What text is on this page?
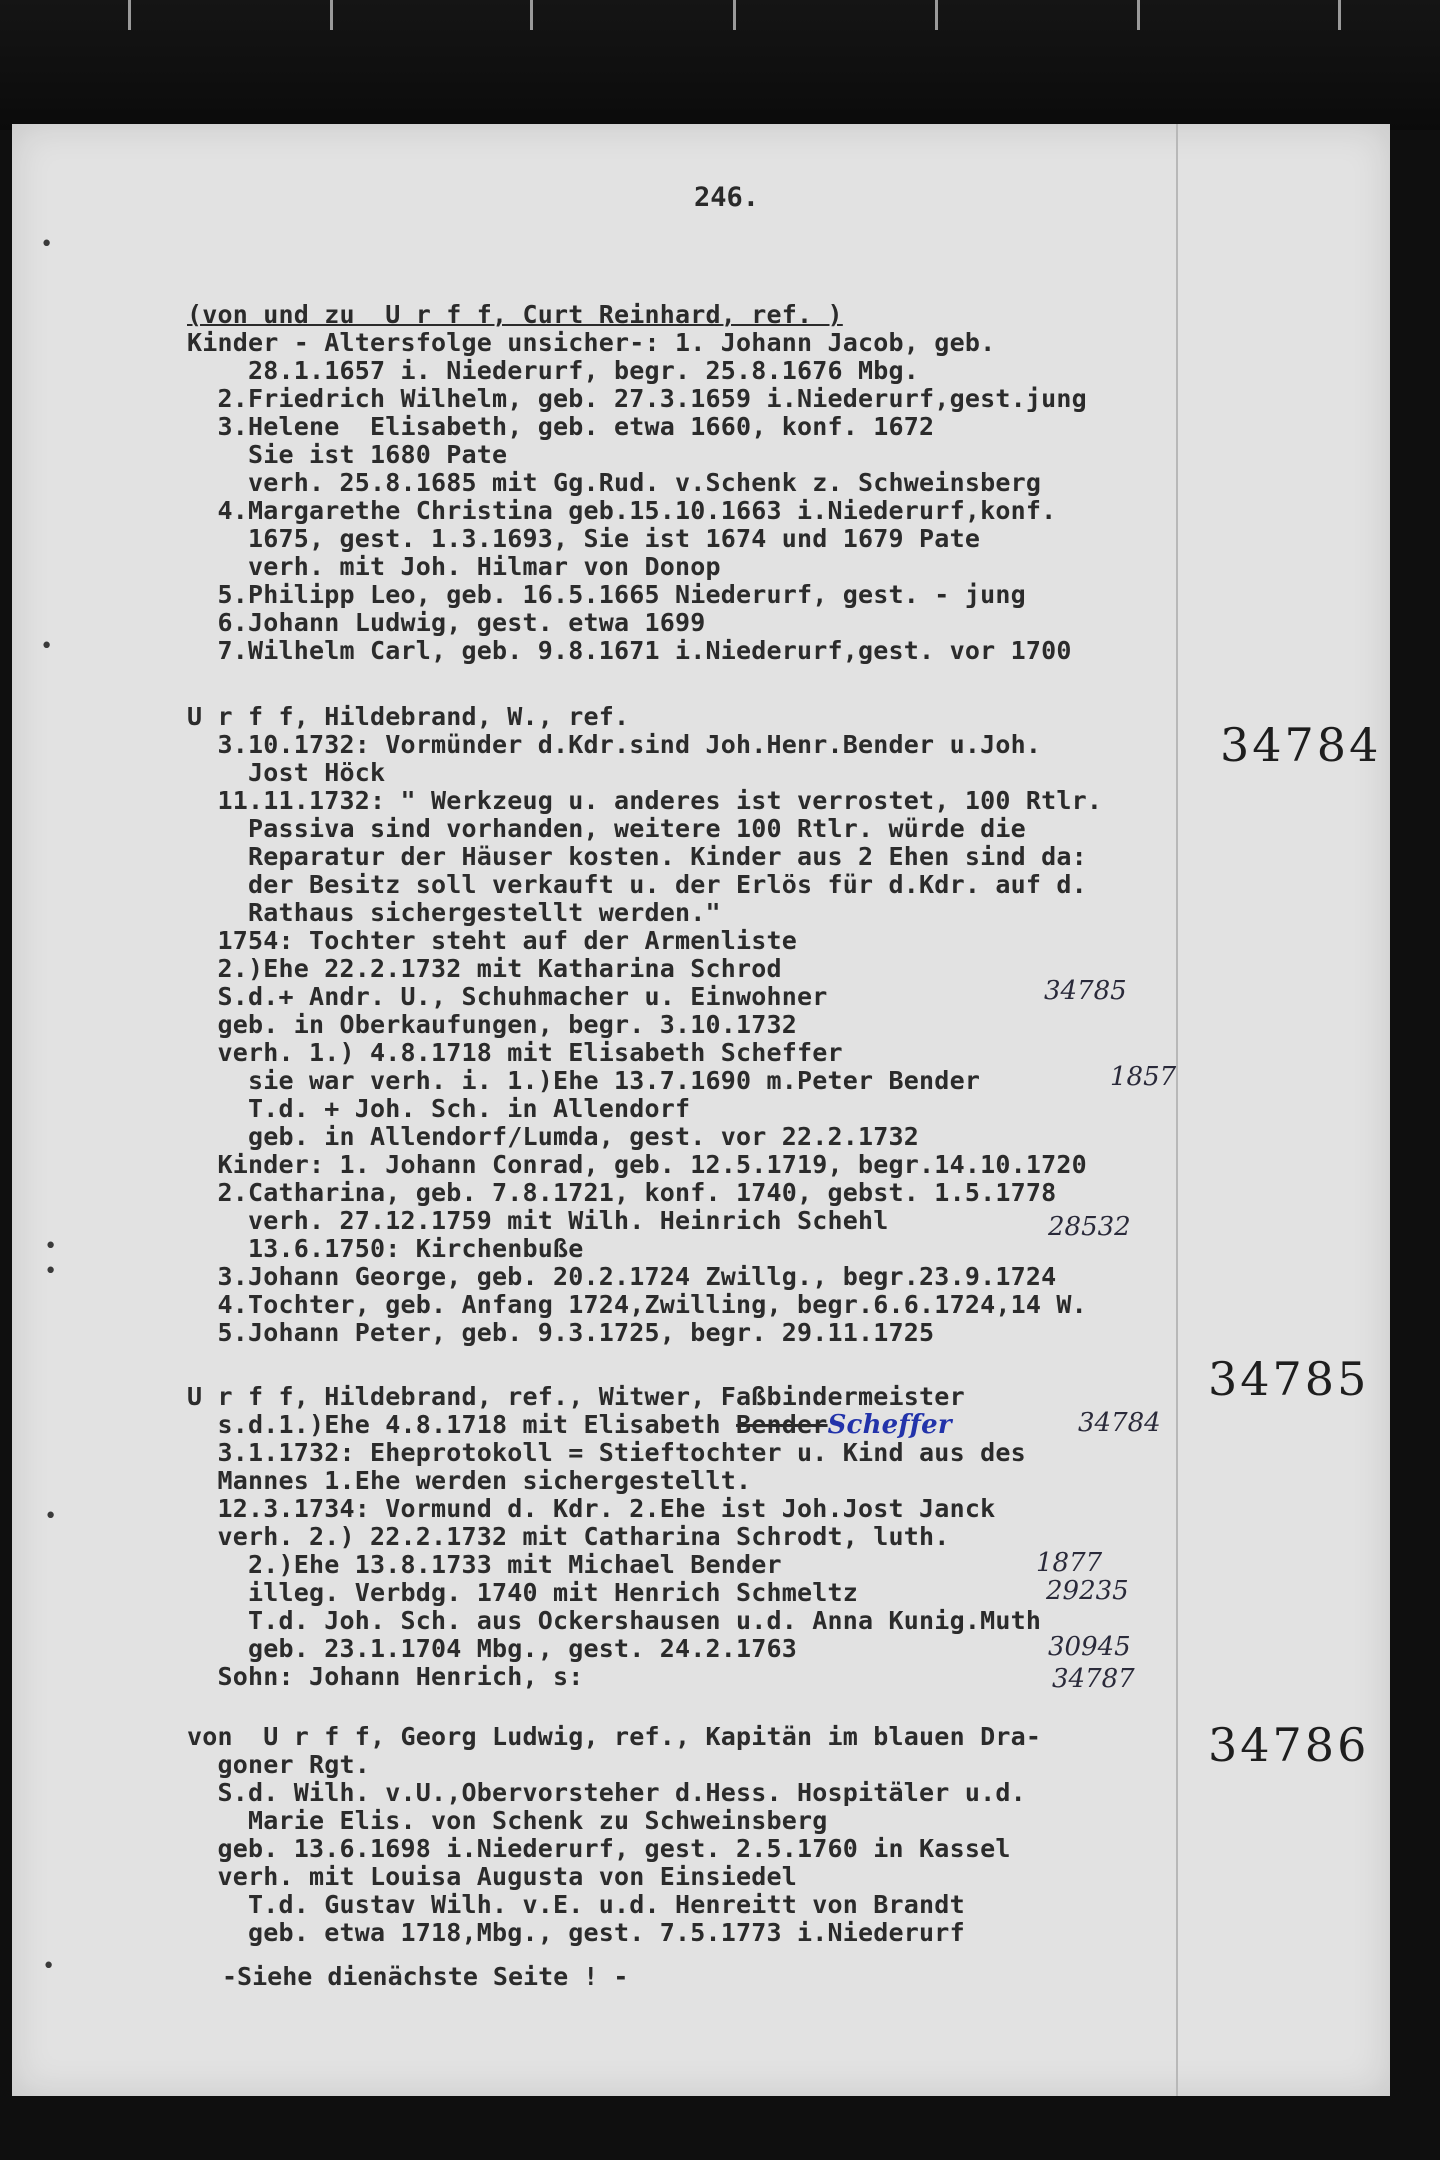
•
•
•
•
•
•
246.
(von und zu  U r f f, Curt Reinhard, ref. )
Kinder - Altersfolge unsicher-: 1. Johann Jacob, geb.
28.1.1657 i. Niederurf, begr. 25.8.1676 Mbg.
2.Friedrich Wilhelm, geb. 27.3.1659 i.Niederurf,gest.jung
3.Helene  Elisabeth, geb. etwa 1660, konf. 1672
Sie ist 1680 Pate
verh. 25.8.1685 mit Gg.Rud. v.Schenk z. Schweinsberg
4.Margarethe Christina geb.15.10.1663 i.Niederurf,konf.
1675, gest. 1.3.1693, Sie ist 1674 und 1679 Pate
verh. mit Joh. Hilmar von Donop
5.Philipp Leo, geb. 16.5.1665 Niederurf, gest. - jung
6.Johann Ludwig, gest. etwa 1699
7.Wilhelm Carl, geb. 9.8.1671 i.Niederurf,gest. vor 1700
34784
U r f f, Hildebrand, W., ref.
3.10.1732: Vormünder d.Kdr.sind Joh.Henr.Bender u.Joh.
Jost Höck
11.11.1732: " Werkzeug u. anderes ist verrostet, 100 Rtlr.
Passiva sind vorhanden, weitere 100 Rtlr. würde die
Reparatur der Häuser kosten. Kinder aus 2 Ehen sind da:
der Besitz soll verkauft u. der Erlös für d.Kdr. auf d.
Rathaus sichergestellt werden."
1754: Tochter steht auf der Armenliste
2.)Ehe 22.2.1732 mit Katharina Schrod
S.d.+ Andr. U., Schuhmacher u. Einwohner
geb. in Oberkaufungen, begr. 3.10.1732
verh. 1.) 4.8.1718 mit Elisabeth Scheffer
sie war verh. i. 1.)Ehe 13.7.1690 m.Peter Bender
T.d. + Joh. Sch. in Allendorf
geb. in Allendorf/Lumda, gest. vor 22.2.1732
Kinder: 1. Johann Conrad, geb. 12.5.1719, begr.14.10.1720
2.Catharina, geb. 7.8.1721, konf. 1740, gebst. 1.5.1778
verh. 27.12.1759 mit Wilh. Heinrich Schehl
13.6.1750: Kirchenbuße
3.Johann George, geb. 20.2.1724 Zwillg., begr.23.9.1724
4.Tochter, geb. Anfang 1724,Zwilling, begr.6.6.1724,14 W.
5.Johann Peter, geb. 9.3.1725, begr. 29.11.1725
34785
1857
28532
34785
U r f f, Hildebrand, ref., Witwer, Faßbindermeister
s.d.1.)Ehe 4.8.1718 mit Elisabeth BenderScheffer
3.1.1732: Eheprotokoll = Stieftochter u. Kind aus des
Mannes 1.Ehe werden sichergestellt.
12.3.1734: Vormund d. Kdr. 2.Ehe ist Joh.Jost Janck
verh. 2.) 22.2.1732 mit Catharina Schrodt, luth.
2.)Ehe 13.8.1733 mit Michael Bender
illeg. Verbdg. 1740 mit Henrich Schmeltz
T.d. Joh. Sch. aus Ockershausen u.d. Anna Kunig.Muth
geb. 23.1.1704 Mbg., gest. 24.2.1763
Sohn: Johann Henrich, s:
34784
1877
29235
30945
34787
34786
von  U r f f, Georg Ludwig, ref., Kapitän im blauen Dra-
goner Rgt.
S.d. Wilh. v.U.,Obervorsteher d.Hess. Hospitäler u.d.
Marie Elis. von Schenk zu Schweinsberg
geb. 13.6.1698 i.Niederurf, gest. 2.5.1760 in Kassel
verh. mit Louisa Augusta von Einsiedel
T.d. Gustav Wilh. v.E. u.d. Henreitt von Brandt
geb. etwa 1718,Mbg., gest. 7.5.1773 i.Niederurf
-Siehe dienächste Seite ! -
